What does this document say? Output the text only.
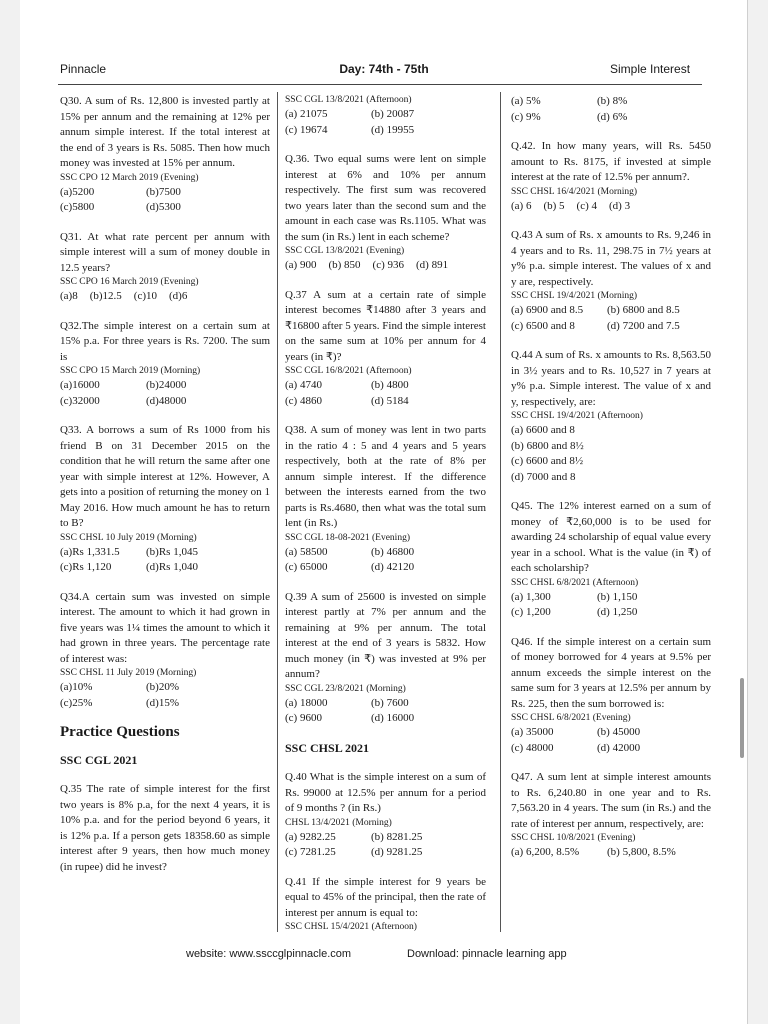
Pinnacle	Day: 74th - 75th	Simple Interest

Q30. A sum of Rs. 12,800 is invested partly at 15% per annum and the remaining at 12% per annum simple interest. If the total interest at the end of 3 years is Rs. 5085. Then how much money was invested at 15% per annum.

SSC CPO 12 March 2019 (Evening)

(a)5200	(b)7500
(c)5800	(d)5300

Q31. At what rate percent per annum with simple interest will a sum of money double in 12.5 years?

SSC CPO 16 March 2019 (Evening)

(a)8 (b)12.5 (c)10 (d)6

Q32.The simple interest on a certain sum at 15% p.a. For three years is Rs. 7200. The sum is

SSC CPO 15 March 2019 (Morning)

(a)16000	(b)24000
(c)32000	(d)48000

Q33. A borrows a sum of Rs 1000 from his friend B on 31 December 2015 on the condition that he will return the same after one year with simple interest at 12%. However, A gets into a position of returning the money on 1 May 2016. How much amount he has to return to B?

SSC CHSL 10 July 2019 (Morning)

(a)Rs 1,331.5	(b)Rs 1,045
(c)Rs 1,120	(d)Rs 1,040

Q34.A certain sum was invested on simple interest. The amount to which it had grown in five years was 1¼ times the amount to which it had grown in three years. The percentage rate of interest was:

SSC CHSL 11 July 2019 (Morning)

(a)10%	(b)20%
(c)25%	(d)15%
Practice Questions
SSC CGL 2021

Q.35 The rate of simple interest for the first two years is 8% p.a, for the next 4 years, it is 10% p.a. and for the period beyond 6 years, it is 12% p.a. If a person gets 18358.60 as simple interest after 9 years, then how much money (in rupee) did he invest?

SSC CGL 13/8/2021 (Afternoon)

(a) 21075	(b) 20087
(c) 19674	(d) 19955

Q.36. Two equal sums were lent on simple interest at 6% and 10% per annum respectively. The first sum was recovered two years later than the second sum and the amount in each case was Rs.1105. What was the sum (in Rs.) lent in each scheme?

SSC CGL 13/8/2021 (Evening)

(a) 900 (b) 850 (c) 936 (d) 891

Q.37 A sum at a certain rate of simple interest becomes ₹14880 after 3 years and ₹16800 after 5 years. Find the simple interest on the same sum at 10% per annum for 4 years (in ₹)?

SSC CGL 16/8/2021 (Afternoon)

(a) 4740	(b) 4800
(c) 4860	(d) 5184

Q38. A sum of money was lent in two parts in the ratio 4 : 5 and 4 years and 5 years respectively, both at the rate of 8% per annum simple interest. If the difference between the interests earned from the two parts is Rs.4680, then what was the total sum lent (in Rs.)

SSC CGL 18-08-2021 (Evening)

(a) 58500	(b) 46800
(c) 65000	(d) 42120

Q.39 A sum of 25600 is invested on simple interest partly at 7% per annum and the remaining at 9% per annum. The total interest at the end of 3 years is 5832. How much money (in ₹) was invested at 9% per annum?

SSC CGL 23/8/2021 (Morning)

(a) 18000	(b) 7600
(c) 9600	(d) 16000
SSC CHSL 2021

Q.40 What is the simple interest on a sum of Rs. 99000 at 12.5% per annum for a period of 9 months ? (in Rs.)

CHSL 13/4/2021 (Morning)

(a) 9282.25	(b) 8281.25
(c) 7281.25	(d) 9281.25

Q.41 If the simple interest for 9 years be equal to 45% of the principal, then the rate of interest per annum is equal to:

SSC CHSL 15/4/2021 (Afternoon)

(a) 5%	(b) 8%
(c) 9%	(d) 6%

Q.42. In how many years, will Rs. 5450 amount to Rs. 8175, if invested at simple interest at the rate of 12.5% per annum?.

SSC CHSL 16/4/2021 (Morning)

(a) 6 (b) 5 (c) 4 (d) 3

Q.43 A sum of Rs. x amounts to Rs. 9,246 in 4 years and to Rs. 11, 298.75 in 7½ years at y% p.a. simple interest. The values of x and y are, respectively.

SSC CHSL 19/4/2021 (Morning)

(a) 6900 and 8.5	(b) 6800 and 8.5
(c) 6500 and 8	(d) 7200 and 7.5

Q.44 A sum of Rs. x amounts to Rs. 8,563.50 in 3½ years and to Rs. 10,527 in 7 years at y% p.a. Simple interest. The value of x and y, respectively, are:

SSC CHSL 19/4/2021 (Afternoon)

(a) 6600 and 8
(b) 6800 and 8½
(c) 6600 and 8½
(d) 7000 and 8

Q45. The 12% interest earned on a sum of money of ₹2,60,000 is to be used for awarding 24 scholarship of equal value every year in a school. What is the value (in ₹) of each scholarship?

SSC CHSL 6/8/2021 (Afternoon)

(a) 1,300	(b) 1,150
(c) 1,200	(d) 1,250

Q46. If the simple interest on a certain sum of money borrowed for 4 years at 9.5% per annum exceeds the simple interest on the same sum for 3 years at 12.5% per annum by Rs. 225, then the sum borrowed is:

SSC CHSL 6/8/2021 (Evening)

(a) 35000	(b) 45000
(c) 48000	(d) 42000

Q47. A sum lent at simple interest amounts to Rs. 6,240.80 in one year and to Rs. 7,563.20 in 4 years. The sum (in Rs.) and the rate of interest per annum, respectively, are:

SSC CHSL 10/8/2021 (Evening)

(a) 6,200, 8.5%	(b) 5,800, 8.5%
website: www.ssccglpinnacle.com	Download: pinnacle learning app
